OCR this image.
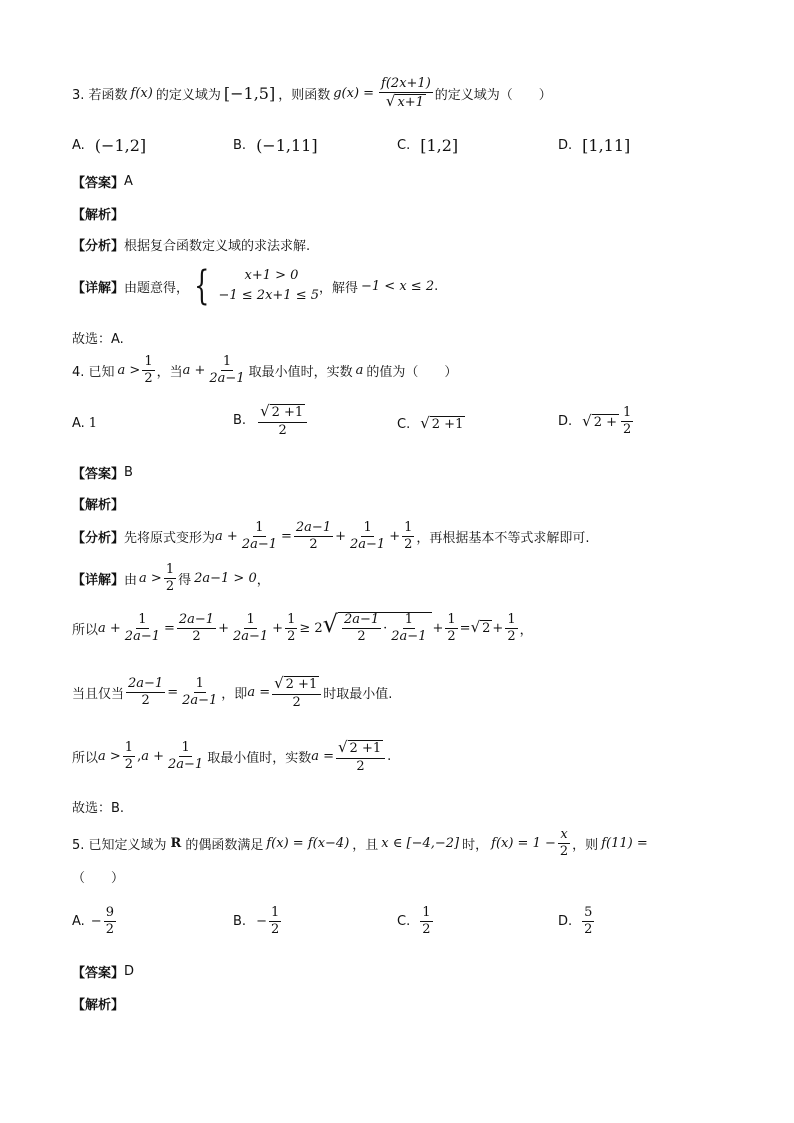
3. 若函数 f(x) 的定义域为 [−1,5] ，则函数 $g(x) = \frac{f(2x+1)}{√ x+1}$ 的定义域为（　　）
A. (−1,2]	B. (−1,11]	C. [1,2]	D. [1,11]
【答案】 A
【解析】
【分析】 根据复合函数定义域的求法求解.
【详解】 由题意得， {	x+1 > 0
−1 ≤ 2x+1 ≤ 5 ，解得 −1 < x ≤ 2 .
故选：A.
4. 已知 $a > \frac{1}{2}$ ，当 $a + \frac{1}{2a-1}$ 取最小值时，实数 a 的值为（　　）
A. 1	B. $\frac{√ 2 +1}{2}$	C. √ 2 +1	D. √ $2 + \frac{1}{2}$
【答案】 B
【解析】
【分析】 先将原式变形为 $a + \frac{1}{2a-1} = \frac{2a-1}{2} + \frac{1}{2a-1} + \frac{1}{2}$ ，再根据基本不等式求解即可.
【详解】 由 $a > \frac{1}{2}$ 得 2a−1 > 0 ，
所以 $a + \frac{1}{2a-1} = \frac{2a-1}{2} + \frac{1}{2a-1} + \frac{1}{2} \ge 2$ √ $\frac{2a-1}{2} \cdot \frac{1}{2a-1} + \frac{1}{2}$ = √ $2 + \frac{1}{2}$ ，
当且仅当 $\frac{2a-1}{2} = \frac{1}{2a-1}$ ，即 $a = \frac{√ 2 +1}{2}$ 时取最小值.
所以 $a > \frac{1}{2}$ , $a + \frac{1}{2a-1}$ 取最小值时，实数 $a = \frac{√ 2 +1}{2}$ .
故选：B.
5. 已知定义域为 R 的偶函数满足 f(x) = f(x−4) ，且 x ∈ [−4,−2] 时， $f(x) = 1 - \frac{x}{2}$ ，则 f(11) =
（　　）
A. − $\frac{9}{2}$	B. − $\frac{1}{2}$	C. $\frac{1}{2}$	D. $\frac{5}{2}$
【答案】 D
【解析】
